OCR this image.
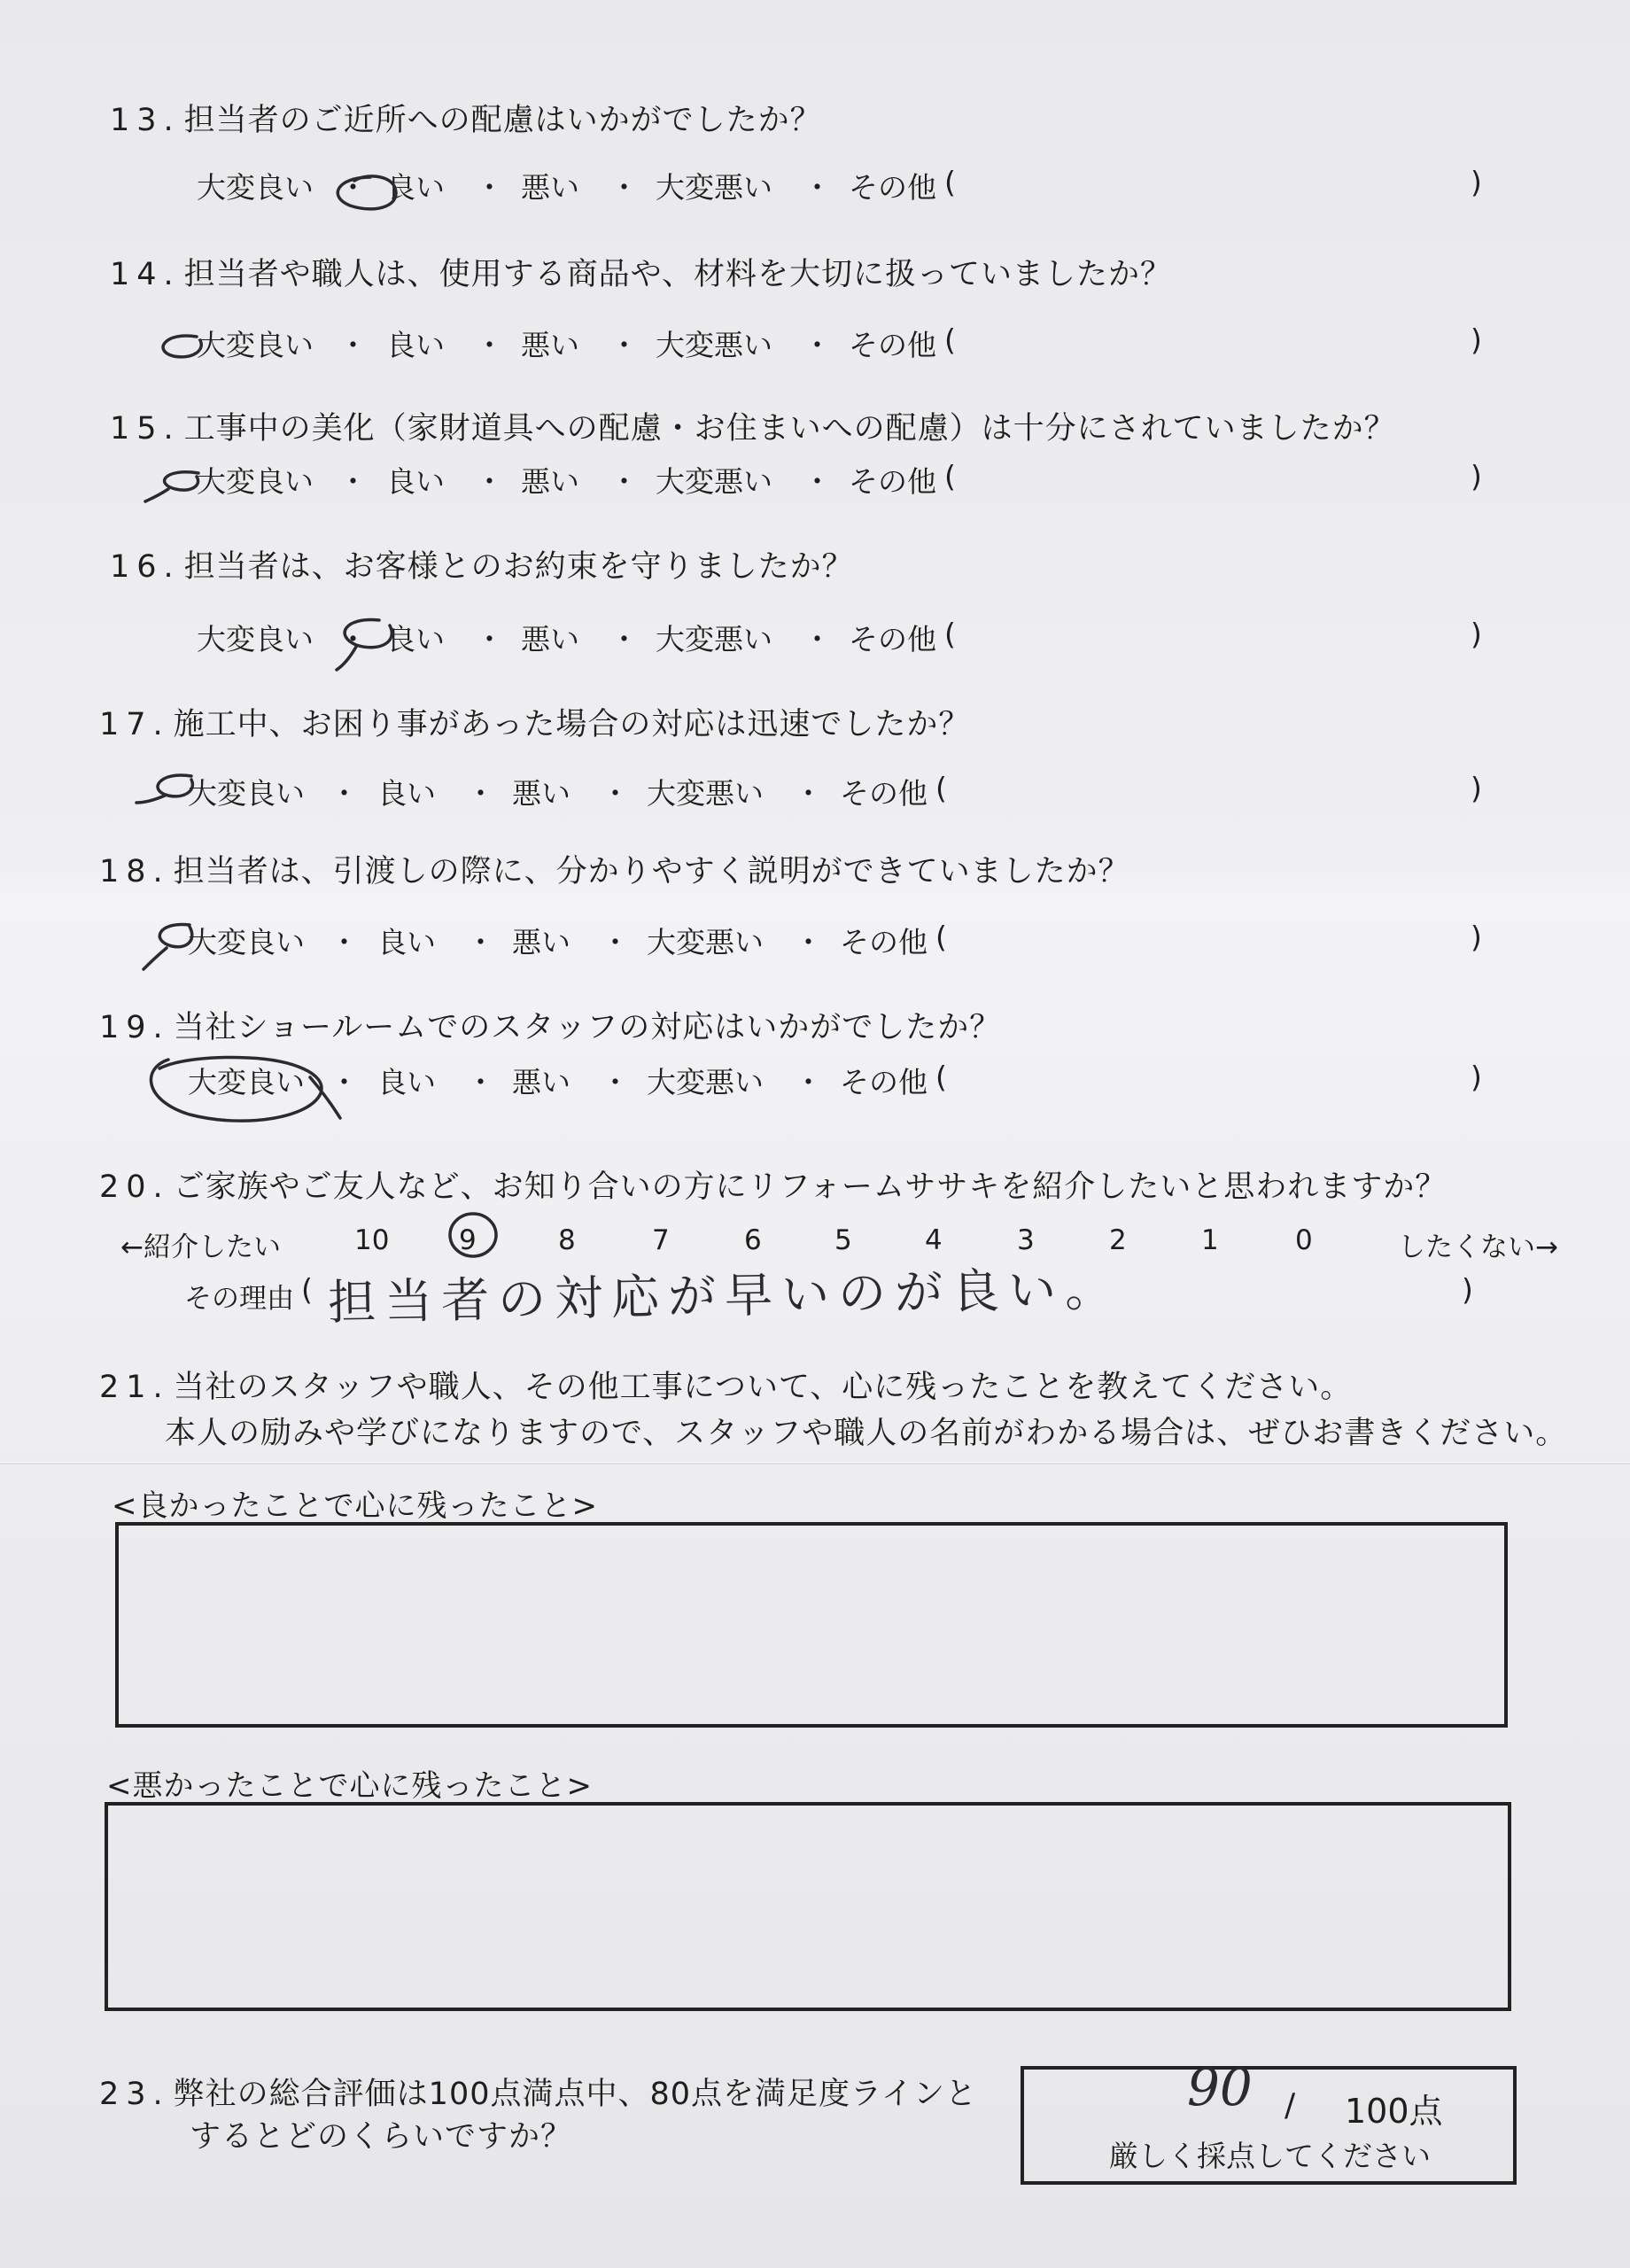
13. 担当者のご近所への配慮はいかがでしたか？
大変良い ・ 良い ・ 悪い ・ 大変悪い ・ その他 (	)
14. 担当者や職人は、使用する商品や、材料を大切に扱っていましたか？
大変良い ・ 良い ・ 悪い ・ 大変悪い ・ その他 (	)
15. 工事中の美化（家財道具への配慮・お住まいへの配慮）は十分にされていましたか？
大変良い ・ 良い ・ 悪い ・ 大変悪い ・ その他 (	)
16. 担当者は、お客様とのお約束を守りましたか？
大変良い ・ 良い ・ 悪い ・ 大変悪い ・ その他 (	)
17. 施工中、お困り事があった場合の対応は迅速でしたか？
大変良い ・ 良い ・ 悪い ・ 大変悪い ・ その他 (	)
18. 担当者は、引渡しの際に、分かりやすく説明ができていましたか？
大変良い ・ 良い ・ 悪い ・ 大変悪い ・ その他 (	)
19. 当社ショールームでのスタッフの対応はいかがでしたか？
大変良い ・ 良い ・ 悪い ・ 大変悪い ・ その他 (	)
20. ご家族やご友人など、お知り合いの方にリフォームササキを紹介したいと思われますか？
←紹介したい	10	9	8	7	6	5	4	3	2	1	0	したくない→
その理由 ( 担当者の対応が早いのが良い。	)
21. 当社のスタッフや職人、その他工事について、心に残ったことを教えてください。
本人の励みや学びになりますので、スタッフや職人の名前がわかる場合は、ぜひお書きください。
<良かったことで心に残ったこと>
<悪かったことで心に残ったこと>
23. 弊社の総合評価は100点満点中、80点を満足度ラインと
するとどのくらいですか？
90 / 100点
厳しく採点してください
